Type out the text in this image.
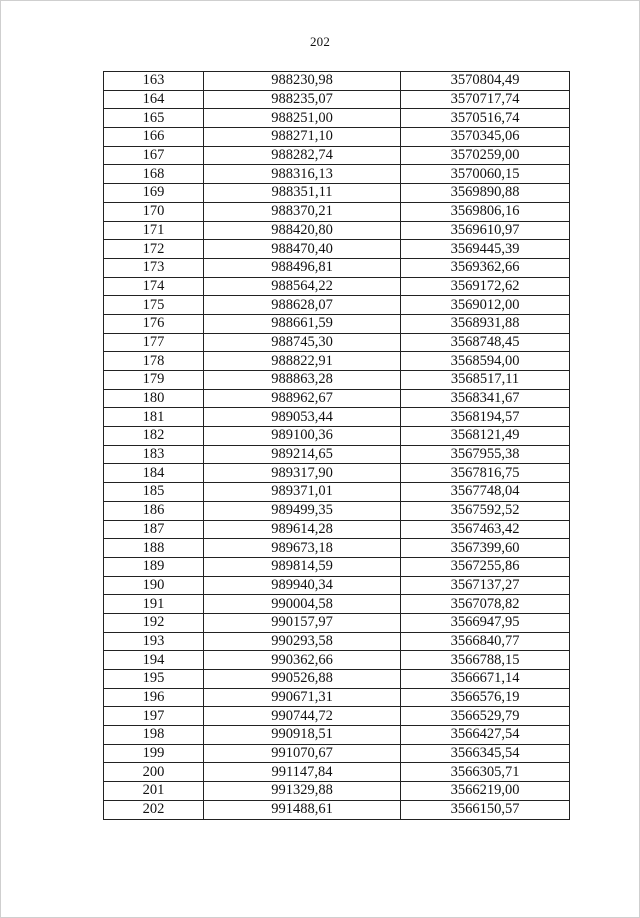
202
163	988230,98	3570804,49
164	988235,07	3570717,74
165	988251,00	3570516,74
166	988271,10	3570345,06
167	988282,74	3570259,00
168	988316,13	3570060,15
169	988351,11	3569890,88
170	988370,21	3569806,16
171	988420,80	3569610,97
172	988470,40	3569445,39
173	988496,81	3569362,66
174	988564,22	3569172,62
175	988628,07	3569012,00
176	988661,59	3568931,88
177	988745,30	3568748,45
178	988822,91	3568594,00
179	988863,28	3568517,11
180	988962,67	3568341,67
181	989053,44	3568194,57
182	989100,36	3568121,49
183	989214,65	3567955,38
184	989317,90	3567816,75
185	989371,01	3567748,04
186	989499,35	3567592,52
187	989614,28	3567463,42
188	989673,18	3567399,60
189	989814,59	3567255,86
190	989940,34	3567137,27
191	990004,58	3567078,82
192	990157,97	3566947,95
193	990293,58	3566840,77
194	990362,66	3566788,15
195	990526,88	3566671,14
196	990671,31	3566576,19
197	990744,72	3566529,79
198	990918,51	3566427,54
199	991070,67	3566345,54
200	991147,84	3566305,71
201	991329,88	3566219,00
202	991488,61	3566150,57
